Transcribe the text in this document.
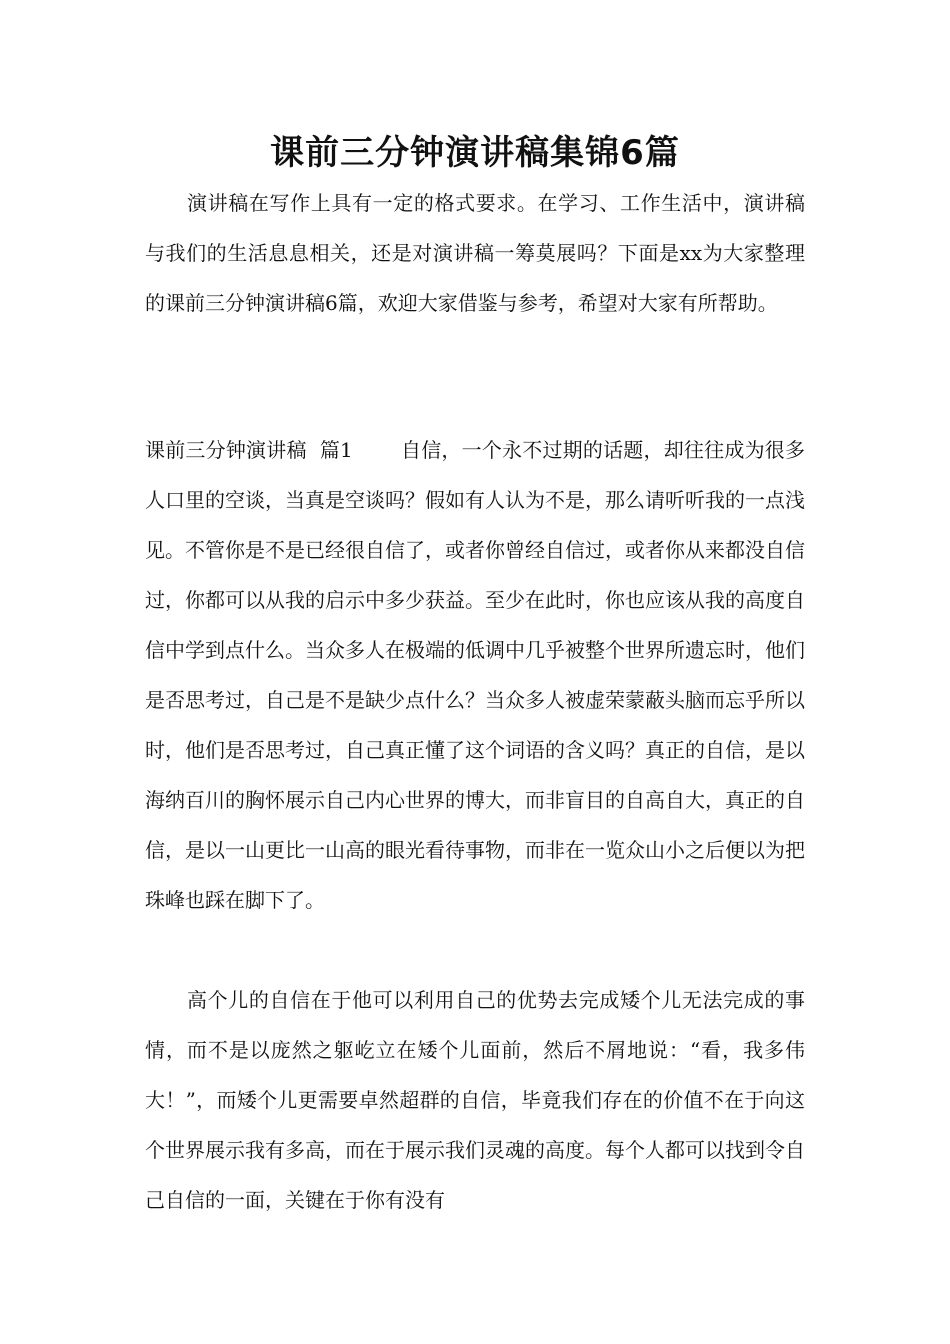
课前三分钟演讲稿集锦6篇

演讲稿在写作上具有一定的格式要求。在学习、工作生活中，演讲稿与我们的生活息息相关，还是对演讲稿一筹莫展吗？下面是xx为大家整理的课前三分钟演讲稿6篇，欢迎大家借鉴与参考，希望对大家有所帮助。

课前三分钟演讲稿  篇1 自信，一个永不过期的话题，却往往成为很多人口里的空谈，当真是空谈吗？假如有人认为不是，那么请听听我的一点浅见。不管你是不是已经很自信了，或者你曾经自信过，或者你从来都没自信过，你都可以从我的启示中多少获益。至少在此时，你也应该从我的高度自信中学到点什么。当众多人在极端的低调中几乎被整个世界所遗忘时，他们是否思考过，自己是不是缺少点什么？当众多人被虚荣蒙蔽头脑而忘乎所以时，他们是否思考过，自己真正懂了这个词语的含义吗？真正的自信，是以海纳百川的胸怀展示自己内心世界的博大，而非盲目的自高自大，真正的自信，是以一山更比一山高的眼光看待事物，而非在一览众山小之后便以为把珠峰也踩在脚下了。

高个儿的自信在于他可以利用自己的优势去完成矮个儿无法完成的事情，而不是以庞然之躯屹立在矮个儿面前，然后不屑地说：“看，我多伟大！”，而矮个儿更需要卓然超群的自信，毕竟我们存在的价值不在于向这个世界展示我有多高，而在于展示我们灵魂的高度。每个人都可以找到令自己自信的一面，关键在于你有没有
